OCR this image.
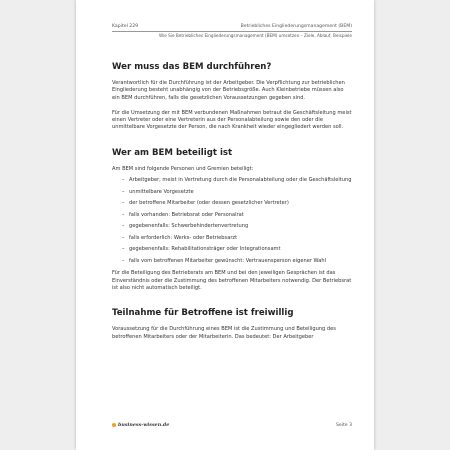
Kapitel 229	Betriebliches Eingliederungsmanagement (BEM)
Wie Sie Betriebliches Eingliederungsmanagement (BEM) umsetzen – Ziele, Ablauf, Beispiele
Wer muss das BEM durchführen?

Verantwortlich für die Durchführung ist der Arbeitgeber. Die Verpflichtung zur betrieblichen Eingliederung besteht unabhängig von der Betriebsgröße. Auch Kleinbetriebe müssen also ein BEM durchführen, falls die gesetzlichen Voraussetzungen gegeben sind.

Für die Umsetzung der mit BEM verbundenen Maßnahmen betraut die Geschäftsleitung meist einen Vertreter oder eine Vertreterin aus der Personalabteilung sowie den oder die unmittelbare Vorgesetzte der Person, die nach Krankheit wieder eingegliedert werden soll.

Wer am BEM beteiligt ist

Am BEM sind folgende Personen und Gremien beteiligt:

– Arbeitgeber, meist in Vertretung durch die Personalabteilung oder die Geschäftsleitung
– unmittelbare Vorgesetzte
– der betroffene Mitarbeiter (oder dessen gesetzlicher Vertreter)
– falls vorhanden: Betriebsrat oder Personalrat
– gegebenenfalls: Schwerbehindertenvertretung
– falls erforderlich: Werks- oder Betriebsarzt
– gegebenenfalls: Rehabilitationsträger oder Integrationsamt
– falls vom betroffenen Mitarbeiter gewünscht: Vertrauensperson eigener Wahl

Für die Beteiligung des Betriebsrats am BEM und bei den jeweiligen Gesprächen ist das Einverständnis oder die Zustimmung des betroffenen Mitarbeiters notwendig. Der Betriebsrat ist also nicht automatisch beteiligt.

Teilnahme für Betroffene ist freiwillig

Voraussetzung für die Durchführung eines BEM ist die Zustimmung und Beteiligung des betroffenen Mitarbeiters oder der Mitarbeiterin. Das bedeutet: Der Arbeitgeber

business-wissen.de	Seite 3
